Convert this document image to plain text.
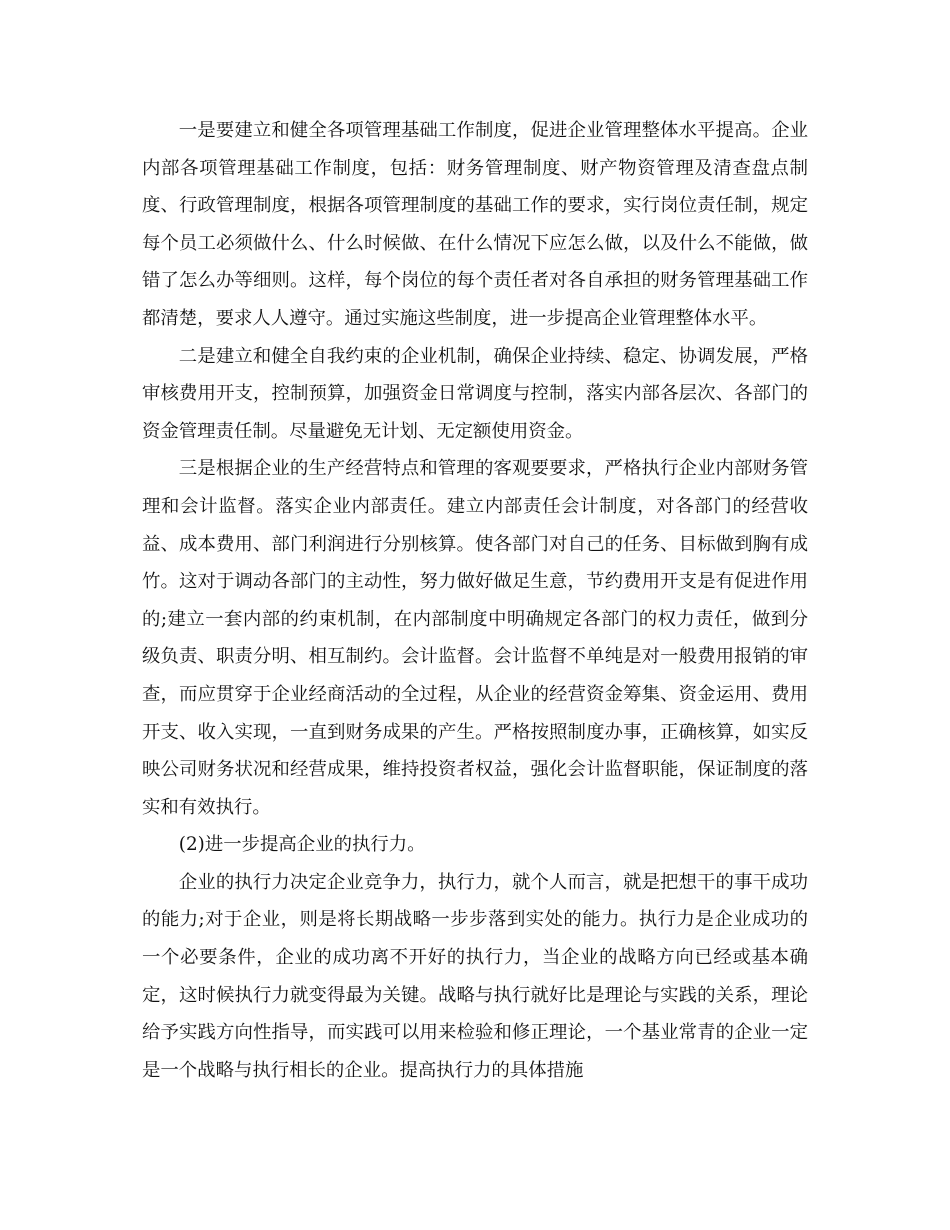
一是要建立和健全各项管理基础工作制度，促进企业管理整体水平提高。企业内部各项管理基础工作制度，包括：财务管理制度、财产物资管理及清查盘点制度、行政管理制度，根据各项管理制度的基础工作的要求，实行岗位责任制，规定每个员工必须做什么、什么时候做、在什么情况下应怎么做，以及什么不能做，做错了怎么办等细则。这样，每个岗位的每个责任者对各自承担的财务管理基础工作都清楚，要求人人遵守。通过实施这些制度，进一步提高企业管理整体水平。

二是建立和健全自我约束的企业机制，确保企业持续、稳定、协调发展，严格审核费用开支，控制预算，加强资金日常调度与控制，落实内部各层次、各部门的资金管理责任制。尽量避免无计划、无定额使用资金。

三是根据企业的生产经营特点和管理的客观要要求，严格执行企业内部财务管理和会计监督。落实企业内部责任。建立内部责任会计制度，对各部门的经营收益、成本费用、部门利润进行分别核算。使各部门对自己的任务、目标做到胸有成竹。这对于调动各部门的主动性，努力做好做足生意，节约费用开支是有促进作用的;建立一套内部的约束机制，在内部制度中明确规定各部门的权力责任，做到分级负责、职责分明、相互制约。会计监督。会计监督不单纯是对一般费用报销的审查，而应贯穿于企业经商活动的全过程，从企业的经营资金筹集、资金运用、费用开支、收入实现，一直到财务成果的产生。严格按照制度办事，正确核算，如实反映公司财务状况和经营成果，维持投资者权益，强化会计监督职能，保证制度的落实和有效执行。

(2)进一步提高企业的执行力。

企业的执行力决定企业竞争力，执行力，就个人而言，就是把想干的事干成功的能力;对于企业，则是将长期战略一步步落到实处的能力。执行力是企业成功的一个必要条件，企业的成功离不开好的执行力，当企业的战略方向已经或基本确定，这时候执行力就变得最为关键。战略与执行就好比是理论与实践的关系，理论给予实践方向性指导，而实践可以用来检验和修正理论，一个基业常青的企业一定是一个战略与执行相长的企业。提高执行力的具体措施
